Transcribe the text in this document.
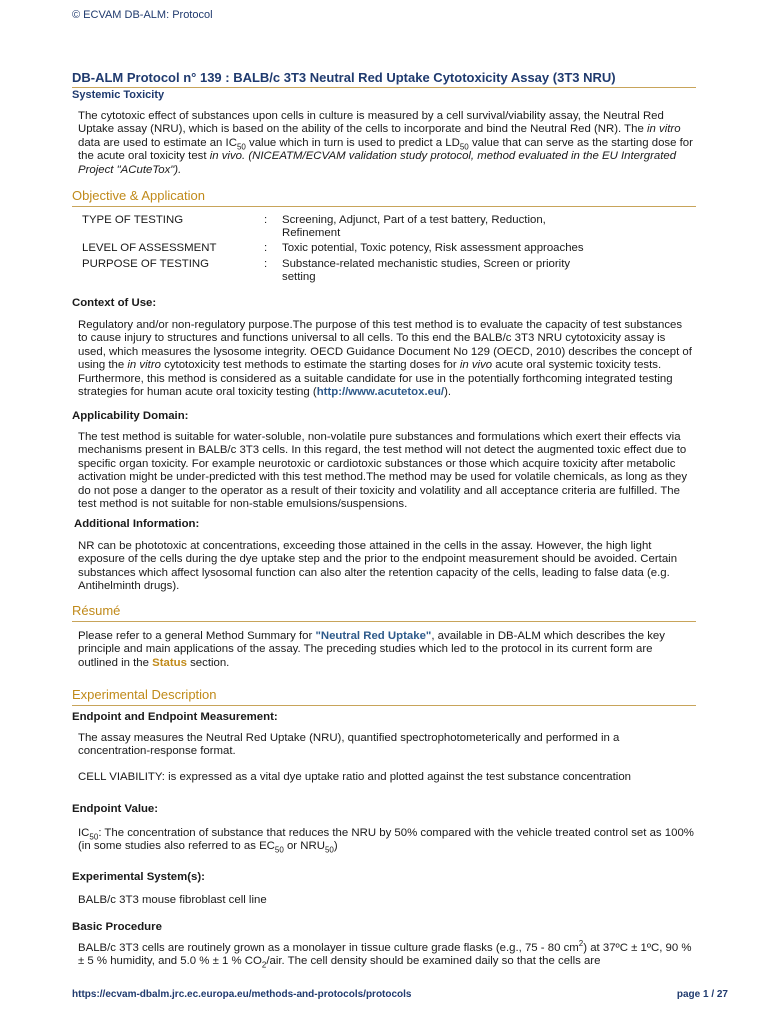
© ECVAM DB-ALM: Protocol
DB-ALM Protocol n° 139 : BALB/c 3T3 Neutral Red Uptake Cytotoxicity Assay (3T3 NRU)
Systemic Toxicity
The cytotoxic effect of substances upon cells in culture is measured by a cell survival/viability assay, the Neutral Red Uptake assay (NRU), which is based on the ability of the cells to incorporate and bind the Neutral Red (NR). The in vitro data are used to estimate an $IC_{50}$ value which in turn is used to predict a $LD_{50}$ value that can serve as the starting dose for the acute oral toxicity test in vivo. (NICEATM/ECVAM validation study protocol, method evaluated in the EU Intergrated Project "ACuteTox").
Objective & Application
TYPE OF TESTING	: Screening, Adjunct, Part of a test battery, Reduction, Refinement
LEVEL OF ASSESSMENT	: Toxic potential, Toxic potency, Risk assessment approaches
PURPOSE OF TESTING	: Substance-related mechanistic studies, Screen or priority setting
Context of Use:
Regulatory and/or non-regulatory purpose.The purpose of this test method is to evaluate the capacity of test substances to cause injury to structures and functions universal to all cells. To this end the BALB/c 3T3 NRU cytotoxicity assay is used, which measures the lysosome integrity. OECD Guidance Document No 129 (OECD, 2010) describes the concept of using the in vitro cytotoxicity test methods to estimate the starting doses for in vivo acute oral systemic toxicity tests. Furthermore, this method is considered as a suitable candidate for use in the potentially forthcoming integrated testing strategies for human acute oral toxicity testing (http://www.acutetox.eu/).
Applicability Domain:
The test method is suitable for water-soluble, non-volatile pure substances and formulations which exert their effects via mechanisms present in BALB/c 3T3 cells. In this regard, the test method will not detect the augmented toxic effect due to specific organ toxicity. For example neurotoxic or cardiotoxic substances or those which acquire toxicity after metabolic activation might be under-predicted with this test method.The method may be used for volatile chemicals, as long as they do not pose a danger to the operator as a result of their toxicity and volatility and all acceptance criteria are fulfilled. The test method is not suitable for non-stable emulsions/suspensions.
Additional Information:
NR can be phototoxic at concentrations, exceeding those attained in the cells in the assay. However, the high light exposure of the cells during the dye uptake step and the prior to the endpoint measurement should be avoided. Certain substances which affect lysosomal function can also alter the retention capacity of the cells, leading to false data (e.g. Antihelminth drugs).
Résumé
Please refer to a general Method Summary for "Neutral Red Uptake", available in DB-ALM which describes the key principle and main applications of the assay. The preceding studies which led to the protocol in its current form are outlined in the Status section.
Experimental Description
Endpoint and Endpoint Measurement:
The assay measures the Neutral Red Uptake (NRU), quantified spectrophotometerically and performed in a concentration-response format.
CELL VIABILITY: is expressed as a vital dye uptake ratio and plotted against the test substance concentration
Endpoint Value:
$IC_{50}$: The concentration of substance that reduces the NRU by 50% compared with the vehicle treated control set as 100% (in some studies also referred to as $EC_{50}$ or $NRU_{50}$)
Experimental System(s):
BALB/c 3T3 mouse fibroblast cell line
Basic Procedure
BALB/c 3T3 cells are routinely grown as a monolayer in tissue culture grade flasks (e.g., 75 - 80 $cm^2$) at 37ºC ± 1ºC, 90 % ± 5 % humidity, and 5.0 % ± 1 % $CO_2$/air. The cell density should be examined daily so that the cells are
https://ecvam-dbalm.jrc.ec.europa.eu/methods-and-protocols/protocols	page 1 / 27
